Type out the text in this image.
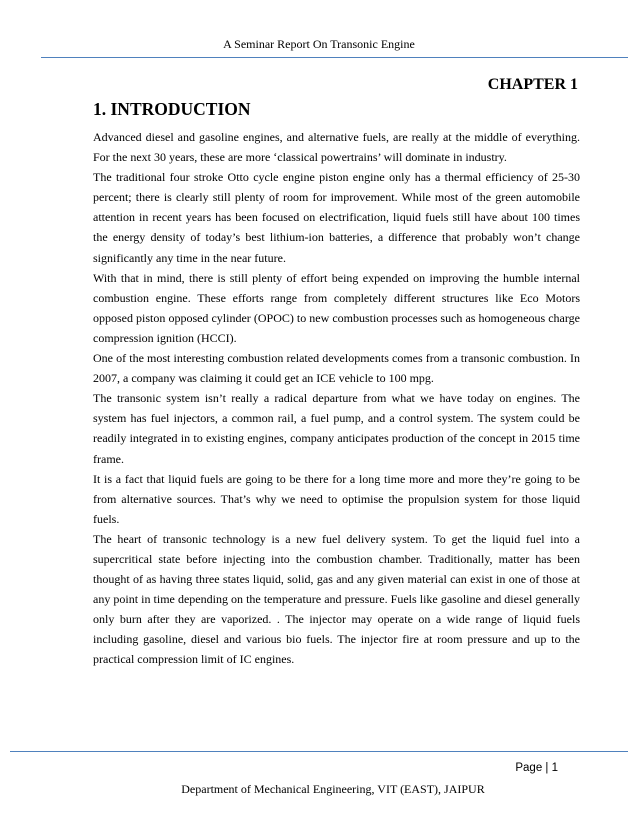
A Seminar Report On Transonic Engine
CHAPTER 1
1. INTRODUCTION

Advanced diesel and gasoline engines, and alternative fuels, are really at the middle of everything. For the next 30 years, these are more ‘classical powertrains’ will dominate in industry.

The traditional four stroke Otto cycle engine piston engine only has a thermal efficiency of 25-30 percent; there is clearly still plenty of room for improvement. While most of the green automobile attention in recent years has been focused on electrification, liquid fuels still have about 100 times the energy density of today’s best lithium-ion batteries, a difference that probably won’t change significantly any time in the near future.

With that in mind, there is still plenty of effort being expended on improving the humble internal combustion engine. These efforts range from completely different structures like Eco Motors opposed piston opposed cylinder (OPOC) to new combustion processes such as homogeneous charge compression ignition (HCCI).

One of the most interesting combustion related developments comes from a transonic combustion. In 2007, a company was claiming it could get an ICE vehicle to 100 mpg.

The transonic system isn’t really a radical departure from what we have today on engines. The system has fuel injectors, a common rail, a fuel pump, and a control system. The system could be readily integrated in to existing engines, company anticipates production of the concept in 2015 time frame.

It is a fact that liquid fuels are going to be there for a long time more and more they’re going to be from alternative sources. That’s why we need to optimise the propulsion system for those liquid fuels.

The heart of transonic technology is a new fuel delivery system. To get the liquid fuel into a supercritical state before injecting into the combustion chamber. Traditionally, matter has been thought of as having three states liquid, solid, gas and any given material can exist in one of those at any point in time depending on the temperature and pressure. Fuels like gasoline and diesel generally only burn after they are vaporized. . The injector may operate on a wide range of liquid fuels including gasoline, diesel and various bio fuels. The injector fire at room pressure and up to the practical compression limit of IC engines.

Page | 1
Department of Mechanical Engineering, VIT (EAST), JAIPUR
